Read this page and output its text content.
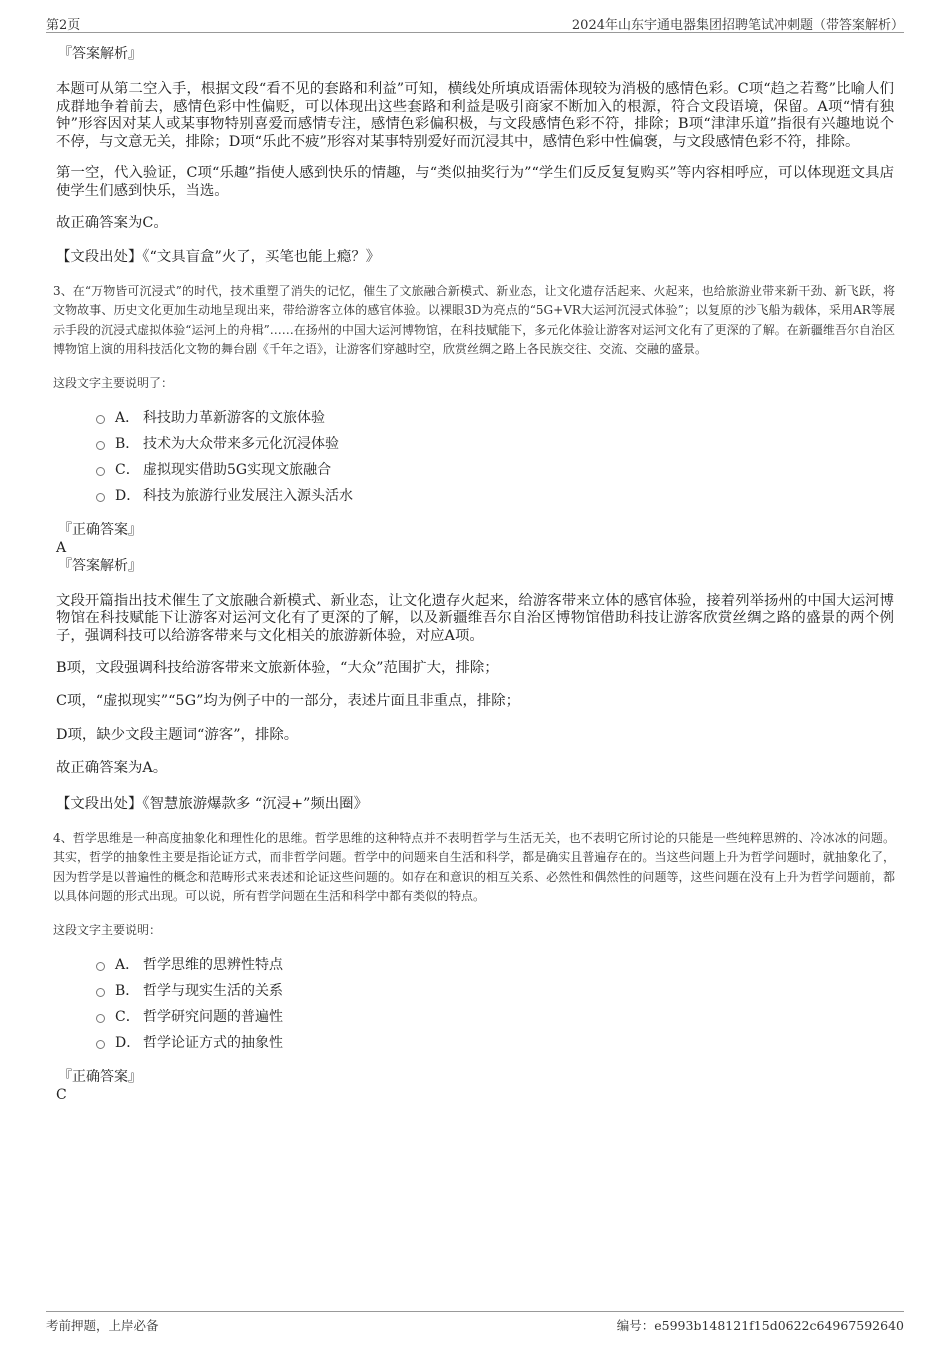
第2页	2024年山东宇通电器集团招聘笔试冲刺题（带答案解析）
『答案解析』

本题可从第二空入手，根据文段“看不见的套路和利益”可知，横线处所填成语需体现较为消极的感情色彩。C项“趋之若鹜”比喻人们成群地争着前去，感情色彩中性偏贬，可以体现出这些套路和利益是吸引商家不断加入的根源，符合文段语境，保留。A项“情有独钟”形容因对某人或某事物特别喜爱而感情专注，感情色彩偏积极，与文段感情色彩不符，排除；B项“津津乐道”指很有兴趣地说个不停，与文意无关，排除；D项“乐此不疲”形容对某事特别爱好而沉浸其中，感情色彩中性偏褒，与文段感情色彩不符，排除。

第一空，代入验证，C项“乐趣”指使人感到快乐的情趣，与“类似抽奖行为”“学生们反反复复购买”等内容相呼应，可以体现逛文具店使学生们感到快乐，当选。

故正确答案为C。

【文段出处】《“文具盲盒”火了，买笔也能上瘾？》

3、在“万物皆可沉浸式”的时代，技术重塑了消失的记忆，催生了文旅融合新模式、新业态，让文化遗存活起来、火起来，也给旅游业带来新干劲、新飞跃，将文物故事、历史文化更加生动地呈现出来，带给游客立体的感官体验。以裸眼3D为亮点的“5G+VR大运河沉浸式体验”；以复原的沙飞船为载体，采用AR等展示手段的沉浸式虚拟体验“运河上的舟楫”……在扬州的中国大运河博物馆，在科技赋能下，多元化体验让游客对运河文化有了更深的了解。在新疆维吾尔自治区博物馆上演的用科技活化文物的舞台剧《千年之语》，让游客们穿越时空，欣赏丝绸之路上各民族交往、交流、交融的盛景。

这段文字主要说明了：
A． 科技助力革新游客的文旅体验
B． 技术为大众带来多元化沉浸体验
C． 虚拟现实借助5G实现文旅融合
D． 科技为旅游行业发展注入源头活水
『正确答案』
A
『答案解析』

文段开篇指出技术催生了文旅融合新模式、新业态，让文化遗存火起来，给游客带来立体的感官体验，接着列举扬州的中国大运河博物馆在科技赋能下让游客对运河文化有了更深的了解，以及新疆维吾尔自治区博物馆借助科技让游客欣赏丝绸之路的盛景的两个例子，强调科技可以给游客带来与文化相关的旅游新体验，对应A项。

B项，文段强调科技给游客带来文旅新体验，“大众”范围扩大，排除；

C项，“虚拟现实”“5G”均为例子中的一部分，表述片面且非重点，排除；

D项，缺少文段主题词“游客”，排除。

故正确答案为A。

【文段出处】《智慧旅游爆款多 “沉浸+”频出圈》

4、哲学思维是一种高度抽象化和理性化的思维。哲学思维的这种特点并不表明哲学与生活无关，也不表明它所讨论的只能是一些纯粹思辨的、冷冰冰的问题。其实，哲学的抽象性主要是指论证方式，而非哲学问题。哲学中的问题来自生活和科学，都是确实且普遍存在的。当这些问题上升为哲学问题时，就抽象化了，因为哲学是以普遍性的概念和范畴形式来表述和论证这些问题的。如存在和意识的相互关系、必然性和偶然性的问题等，这些问题在没有上升为哲学问题前，都以具体问题的形式出现。可以说，所有哲学问题在生活和科学中都有类似的特点。

这段文字主要说明：
A． 哲学思维的思辨性特点
B． 哲学与现实生活的关系
C． 哲学研究问题的普遍性
D． 哲学论证方式的抽象性
『正确答案』
C
考前押题，上岸必备	编号：e5993b148121f15d0622c64967592640
